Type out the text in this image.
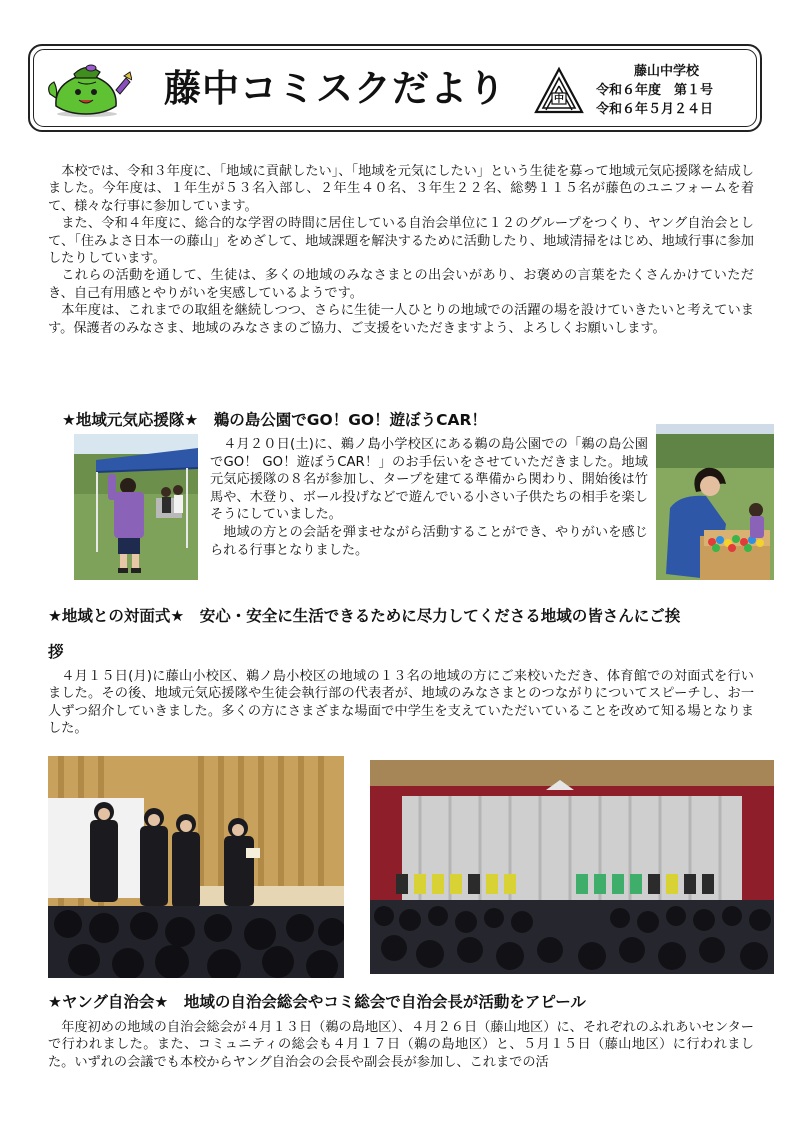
藤中コミスクだより	中
藤山中学校
令和６年度　第１号
令和６年５月２４日

本校では、令和３年度に、「地域に貢献したい」、「地域を元気にしたい」という生徒を募って地域元気応援隊を結成しました。今年度は、１年生が５３名入部し、２年生４０名、３年生２２名、総勢１１５名が藤色のユニフォームを着て、様々な行事に参加しています。

また、令和４年度に、総合的な学習の時間に居住している自治会単位に１２のグループをつくり、ヤング自治会として、「住みよさ日本一の藤山」をめざして、地域課題を解決するために活動したり、地域清掃をはじめ、地域行事に参加したりしています。

これらの活動を通して、生徒は、多くの地域のみなさまとの出会いがあり、お褒めの言葉をたくさんかけていただき、自己有用感とやりがいを実感しているようです。

本年度は、これまでの取組を継続しつつ、さらに生徒一人ひとりの地域での活躍の場を設けていきたいと考えています。保護者のみなさま、地域のみなさまのご協力、ご支援をいただきますよう、よろしくお願いします。

★地域元気応援隊★　鵜の島公園でGO！GO！遊ぼうCAR！

４月２０日(土)に、鵜ノ島小学校区にある鵜の島公園での「鵜の島公園でGO！ GO！遊ぼうCAR！」のお手伝いをさせていただきました。地域元気応援隊の８名が参加し、タープを建てる準備から関わり、開始後は竹馬や、木登り、ボール投げなどで遊んでいる小さい子供たちの相手を楽しそうにしていました。

地域の方との会話を弾ませながら活動することができ、やりがいを感じられる行事となりました。

★地域との対面式★　安心・安全に生活できるために尽力してくださる地域の皆さんにご挨
拶

４月１５日(月)に藤山小校区、鵜ノ島小校区の地域の１３名の地域の方にご来校いただき、体育館での対面式を行いました。その後、地域元気応援隊や生徒会執行部の代表者が、地域のみなさまとのつながりについてスピーチし、お一人ずつ紹介していきました。多くの方にさまざまな場面で中学生を支えていただいていることを改めて知る場となりました。

★ヤング自治会★　地域の自治会総会やコミ総会で自治会長が活動をアピール

年度初めの地域の自治会総会が４月１３日（鵜の島地区）、４月２６日（藤山地区）に、それぞれのふれあいセンターで行われました。また、コミュニティの総会も４月１７日（鵜の島地区）と、５月１５日（藤山地区）に行われました。いずれの会議でも本校からヤング自治会の会長や副会長が参加し、これまでの活
